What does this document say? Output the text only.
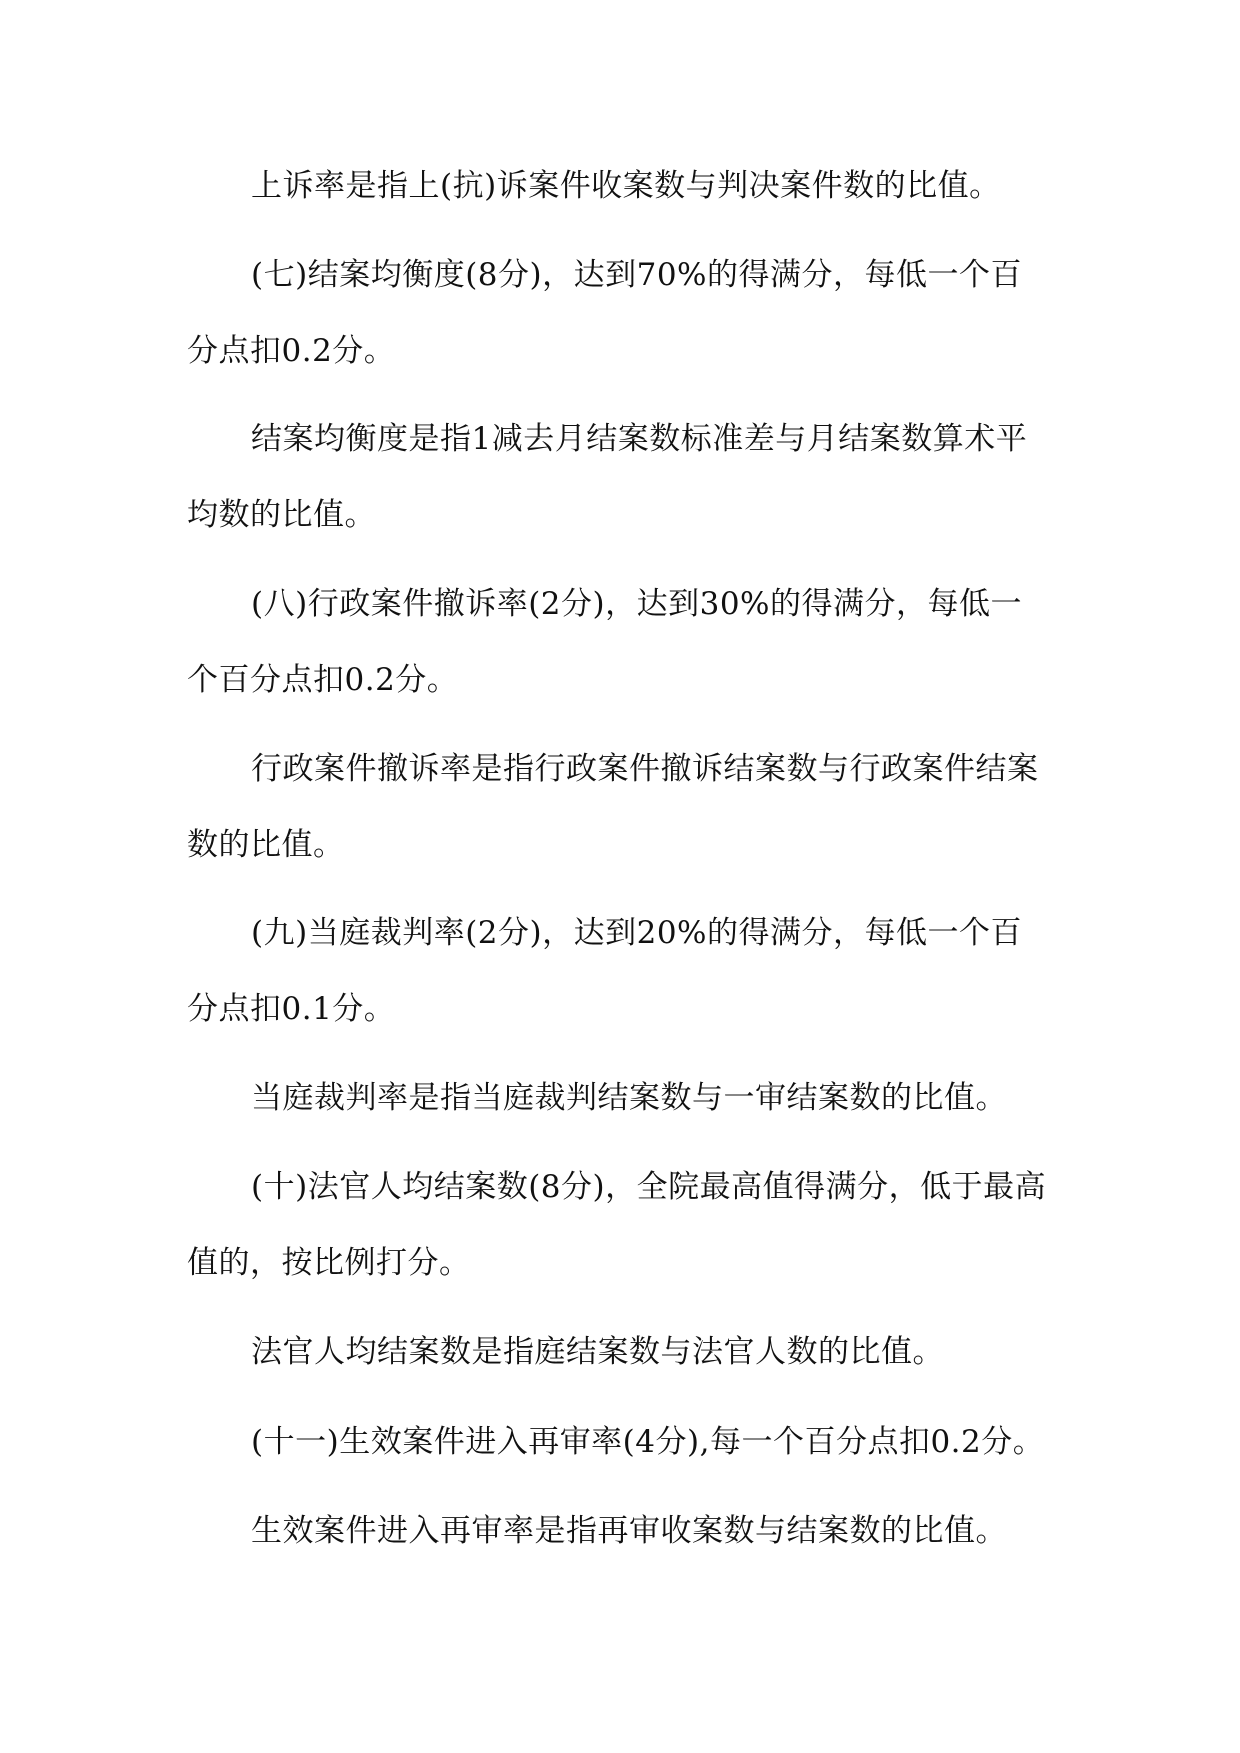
上诉率是指上(抗)诉案件收案数与判决案件数的比值。

(七)结案均衡度(8分)，达到70%的得满分，每低一个百分点扣0.2分。

结案均衡度是指1减去月结案数标准差与月结案数算术平均数的比值。

(八)行政案件撤诉率(2分)，达到30%的得满分，每低一个百分点扣0.2分。

行政案件撤诉率是指行政案件撤诉结案数与行政案件结案数的比值。

(九)当庭裁判率(2分)，达到20%的得满分，每低一个百分点扣0.1分。

当庭裁判率是指当庭裁判结案数与一审结案数的比值。

(十)法官人均结案数(8分)，全院最高值得满分，低于最高值的，按比例打分。

法官人均结案数是指庭结案数与法官人数的比值。

(十一)生效案件进入再审率(4分),每一个百分点扣0.2分。

生效案件进入再审率是指再审收案数与结案数的比值。
